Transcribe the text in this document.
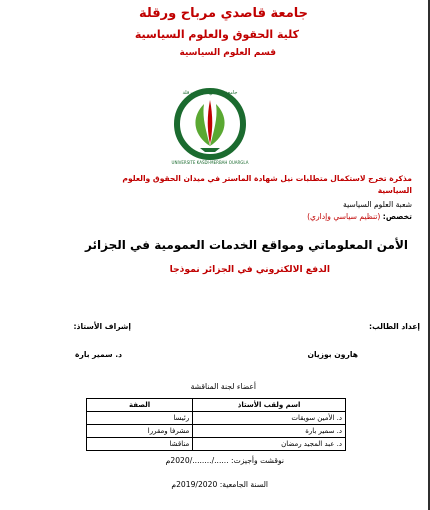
جامعة قاصدي مرباح ورقلة
كلية الحقوق والعلوم السياسية
قسم العلوم السياسية
جامعة قاصدي مرباح ورقلة
UNIVERSITE KASDI-MERBAH OUARGLA
مذكرة تخرج لاستكمال متطلبات نيل شهادة الماستر في ميدان الحقوق والعلوم
السياسية
شعبة العلوم السياسية
تخصص: (تنظيم سياسي وإداري)
الأمن المعلوماتي ومواقع الخدمات العمومية في الجزائر
الدفع الالكتروني في الجزائر نموذجا
إعداد الطالب:
إشراف الأستاذ:
هارون بوزيان
د. سمير بارة
أعضاء لجنة المناقشة
اسم ولقب الأستاذ	الصفة
د. الأمين سويقات	رئيسا
د. سمير بارة	مشرفا ومقررا
د. عبد المجيد رمضان	مناقشا
نوقشت وأجيزت: ....../......../2020م
السنة الجامعية: 2019/2020م
